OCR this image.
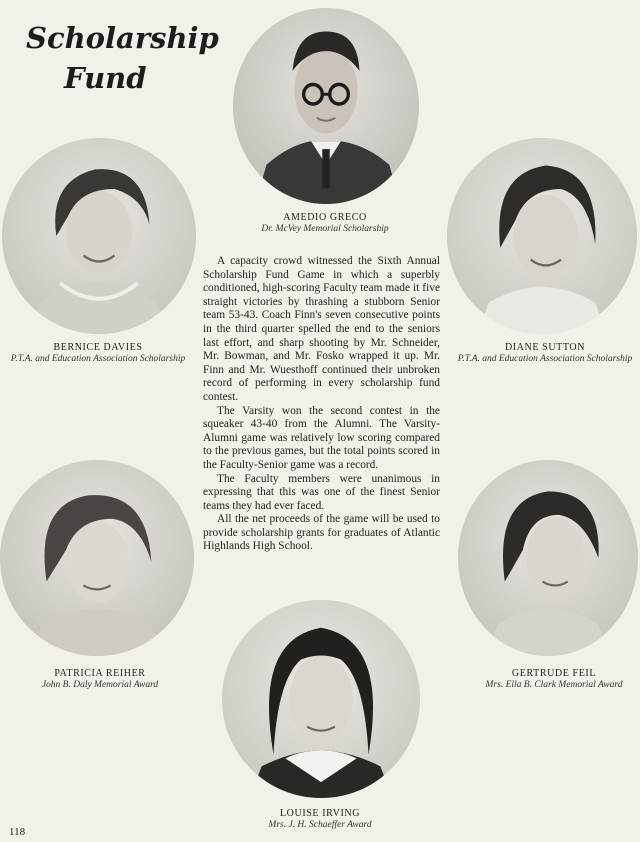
Scholarship
Fund
AMEDIO GRECO
Dr. McVey Memorial Scholarship
BERNICE DAVIES
P.T.A. and Education Association Scholarship
DIANE SUTTON
P.T.A. and Education Association Scholarship

A capacity crowd witnessed the Sixth Annual Scholarship Fund Game in which a superbly conditioned, high-scoring Faculty team made it five straight victories by thrashing a stubborn Senior team 53-43. Coach Finn's seven consecutive points in the third quarter spelled the end to the seniors last effort, and sharp shooting by Mr. Schneider, Mr. Bowman, and Mr. Fosko wrapped it up. Mr. Finn and Mr. Wuesthoff continued their unbroken record of performing in every scholarship fund contest.

The Varsity won the second contest in the squeaker 43-40 from the Alumni. The Varsity-Alumni game was relatively low scoring compared to the previous games, but the total points scored in the Faculty-Senior game was a record.

The Faculty members were unanimous in expressing that this was one of the finest Senior teams they had ever faced.

All the net proceeds of the game will be used to provide scholarship grants for graduates of Atlantic Highlands High School.

PATRICIA REIHER
John B. Daly Memorial Award
GERTRUDE FEIL
Mrs. Ella B. Clark Memorial Award
LOUISE IRVING
Mrs. J. H. Schaeffer Award
118
